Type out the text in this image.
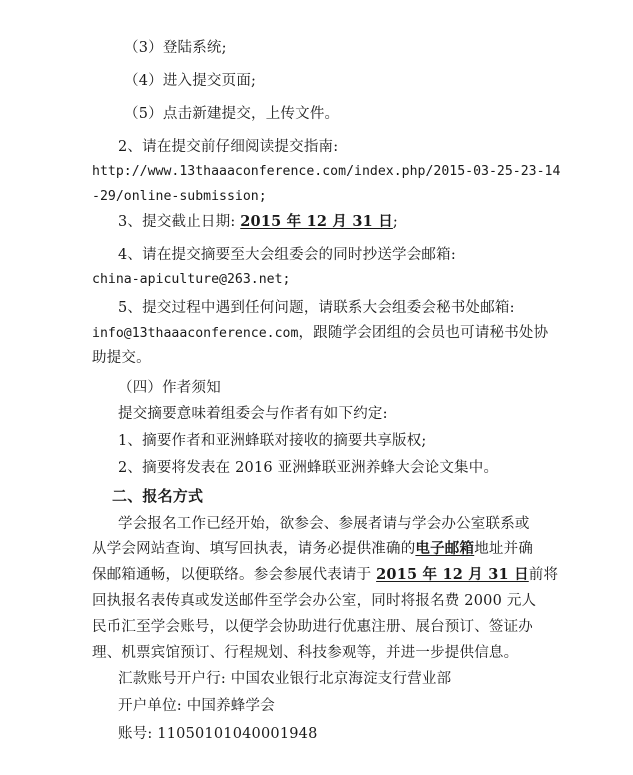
（3）登陆系统;
（4）进入提交页面;
（5）点击新建提交，上传文件。
2、请在提交前仔细阅读提交指南:
http://www.13thaaaconference.com/index.php/2015-03-25-23-14
-29/online-submission;
3、提交截止日期: 2015 年 12 月 31 日;
4、请在提交摘要至大会组委会的同时抄送学会邮箱:
china-apiculture@263.net;
5、提交过程中遇到任何问题，请联系大会组委会秘书处邮箱:
info@13thaaaconference.com，跟随学会团组的会员也可请秘书处协
助提交。
（四）作者须知
提交摘要意味着组委会与作者有如下约定:
1、摘要作者和亚洲蜂联对接收的摘要共享版权;
2、摘要将发表在 2016 亚洲蜂联亚洲养蜂大会论文集中。
二、报名方式
学会报名工作已经开始，欲参会、参展者请与学会办公室联系或
从学会网站查询、填写回执表，请务必提供准确的电子邮箱地址并确
保邮箱通畅，以便联络。参会参展代表请于 2015 年 12 月 31 日前将
回执报名表传真或发送邮件至学会办公室，同时将报名费 2000 元人
民币汇至学会账号，以便学会协助进行优惠注册、展台预订、签证办
理、机票宾馆预订、行程规划、科技参观等，并进一步提供信息。
汇款账号开户行: 中国农业银行北京海淀支行营业部
开户单位: 中国养蜂学会
账号: 11050101040001948
